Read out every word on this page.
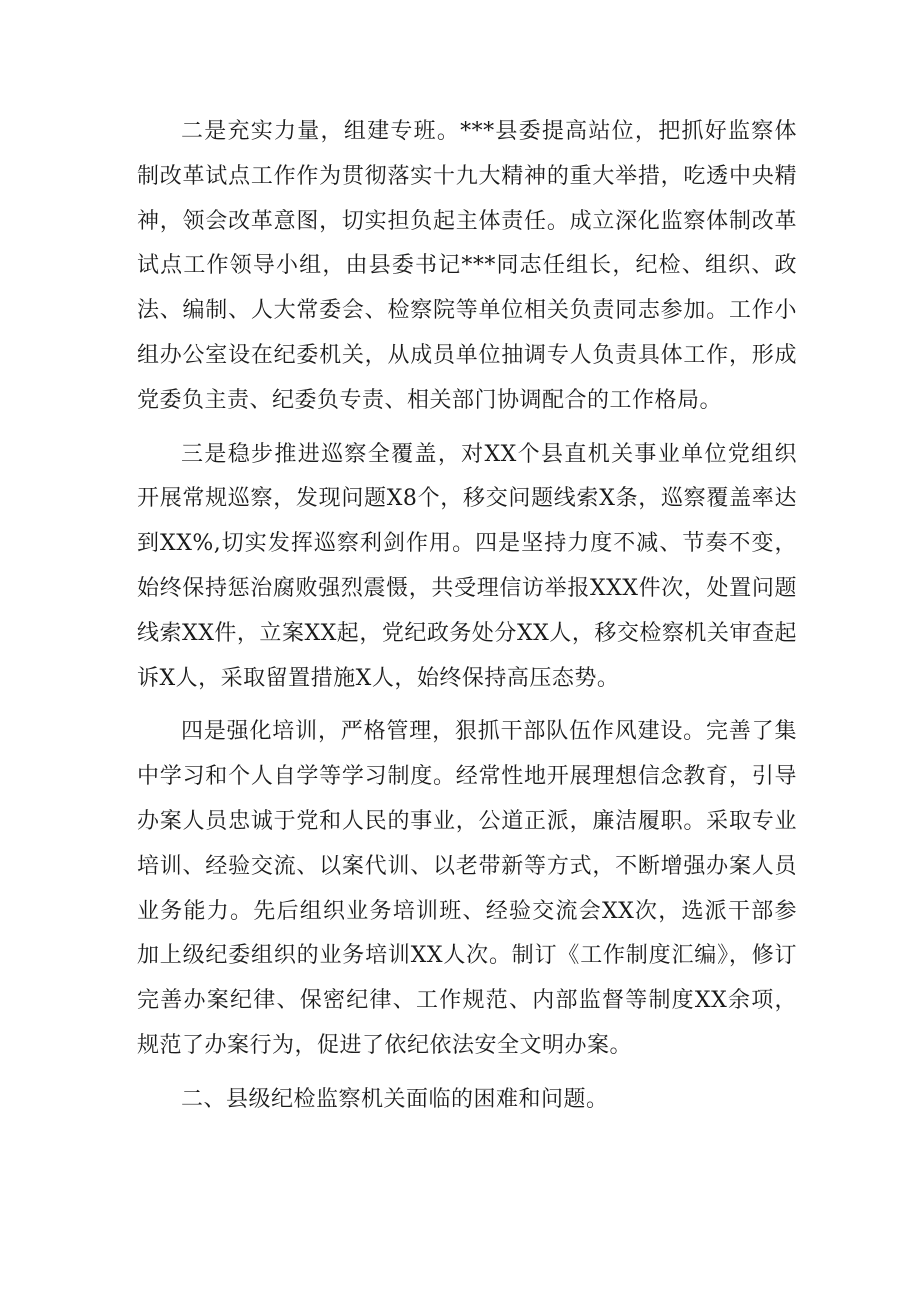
二是充实力量，组建专班。***县委提高站位，把抓好监察体制改革试点工作作为贯彻落实十九大精神的重大举措，吃透中央精神，领会改革意图，切实担负起主体责任。成立深化监察体制改革试点工作领导小组，由县委书记***同志任组长，纪检、组织、政法、编制、人大常委会、检察院等单位相关负责同志参加。工作小组办公室设在纪委机关，从成员单位抽调专人负责具体工作，形成党委负主责、纪委负专责、相关部门协调配合的工作格局。

三是稳步推进巡察全覆盖，对XX个县直机关事业单位党组织开展常规巡察，发现问题X8个，移交问题线索X条，巡察覆盖率达到XX%,切实发挥巡察利剑作用。四是坚持力度不减、节奏不变，始终保持惩治腐败强烈震慑，共受理信访举报XXX件次，处置问题线索XX件，立案XX起，党纪政务处分XX人，移交检察机关审查起诉X人，采取留置措施X人，始终保持高压态势。

四是强化培训，严格管理，狠抓干部队伍作风建设。完善了集中学习和个人自学等学习制度。经常性地开展理想信念教育，引导办案人员忠诚于党和人民的事业，公道正派，廉洁履职。采取专业培训、经验交流、以案代训、以老带新等方式，不断增强办案人员业务能力。先后组织业务培训班、经验交流会XX次，选派干部参加上级纪委组织的业务培训XX人次。制订《工作制度汇编》，修订完善办案纪律、保密纪律、工作规范、内部监督等制度XX余项，规范了办案行为，促进了依纪依法安全文明办案。

二、县级纪检监察机关面临的困难和问题。
